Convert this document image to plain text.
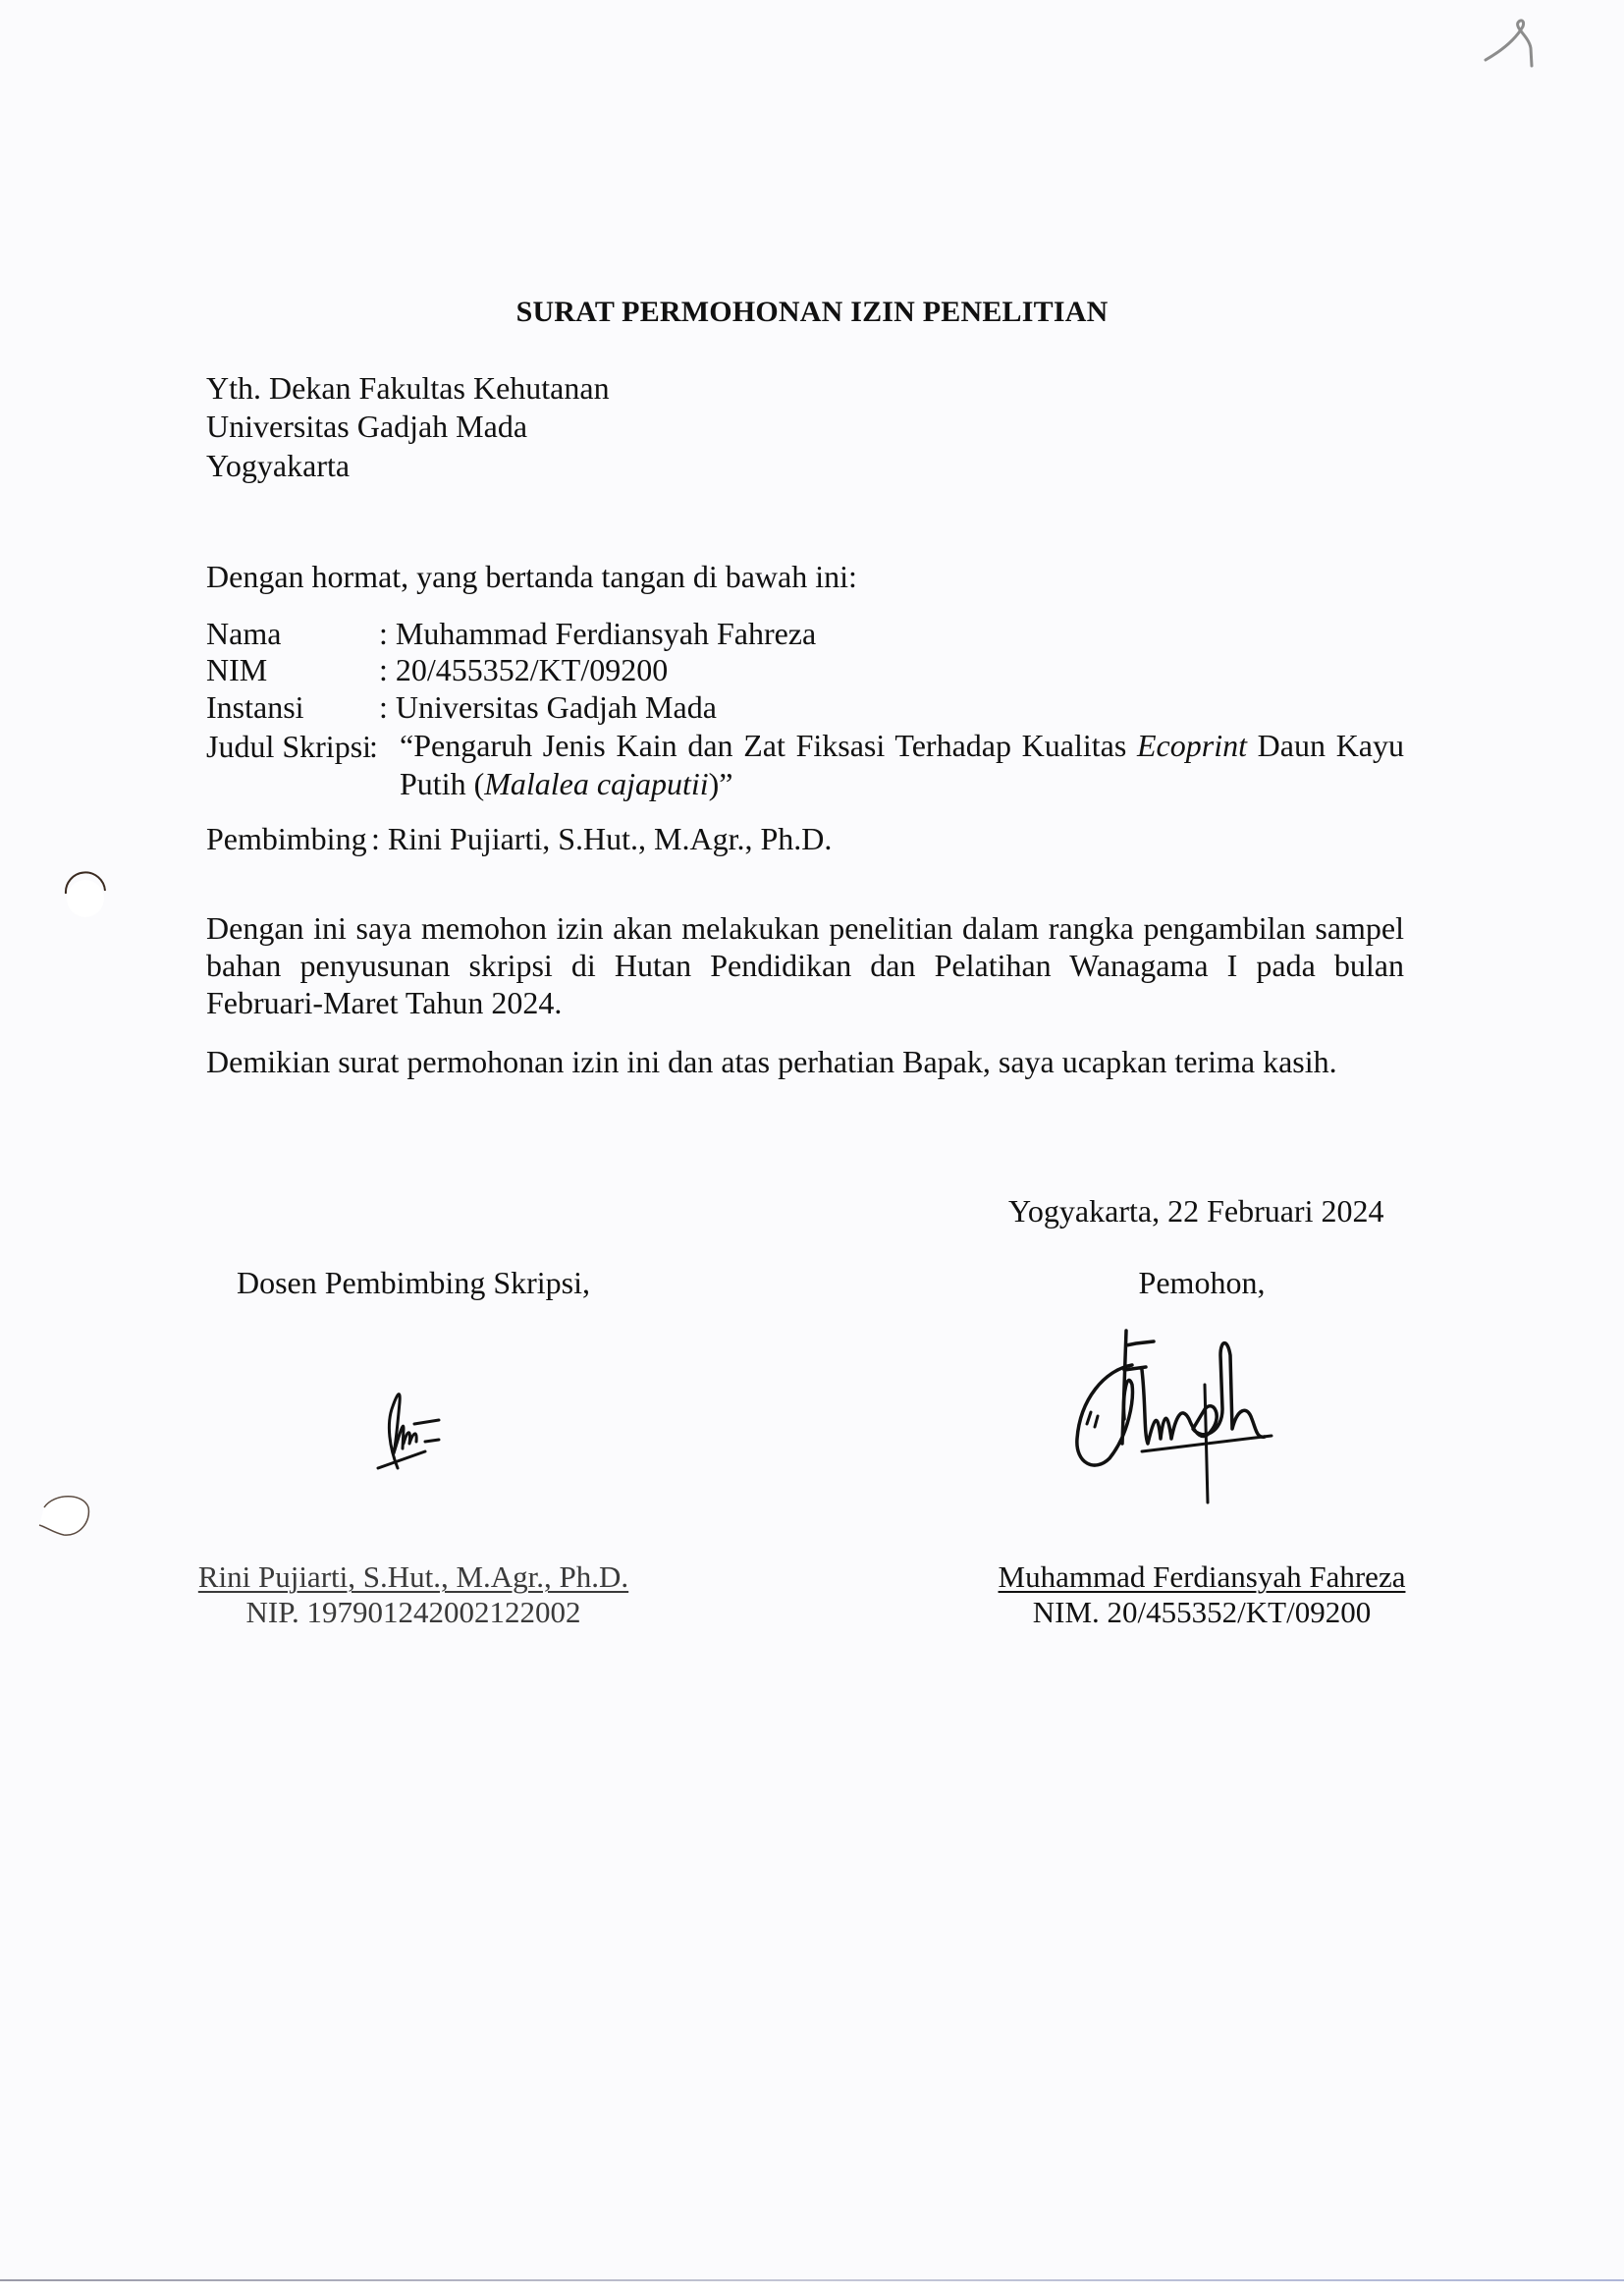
SURAT PERMOHONAN IZIN PENELITIAN
Yth. Dekan Fakultas Kehutanan
Universitas Gadjah Mada
Yogyakarta
Dengan hormat, yang bertanda tangan di bawah ini:
Nama	: Muhammad Ferdiansyah Fahreza
NIM	: 20/455352/KT/09200
Instansi : Universitas Gadjah Mada
Judul Skripsi
: “Pengaruh Jenis Kain dan Zat Fiksasi Terhadap Kualitas Ecoprint Daun Kayu Putih (Malalea cajaputii)”
Pembimbing : Rini Pujiarti, S.Hut., M.Agr., Ph.D.

Dengan ini saya memohon izin akan melakukan penelitian dalam rangka pengambilan sampel bahan penyusunan skripsi di Hutan Pendidikan dan Pelatihan Wanagama I pada bulan Februari-Maret Tahun 2024.

Demikian surat permohonan izin ini dan atas perhatian Bapak, saya ucapkan terima kasih.

Yogyakarta, 22 Februari 2024
Dosen Pembimbing Skripsi,	Pemohon,
Rini Pujiarti, S.Hut., M.Agr., Ph.D.
NIP. 197901242002122002
Muhammad Ferdiansyah Fahreza
NIM. 20/455352/KT/09200
